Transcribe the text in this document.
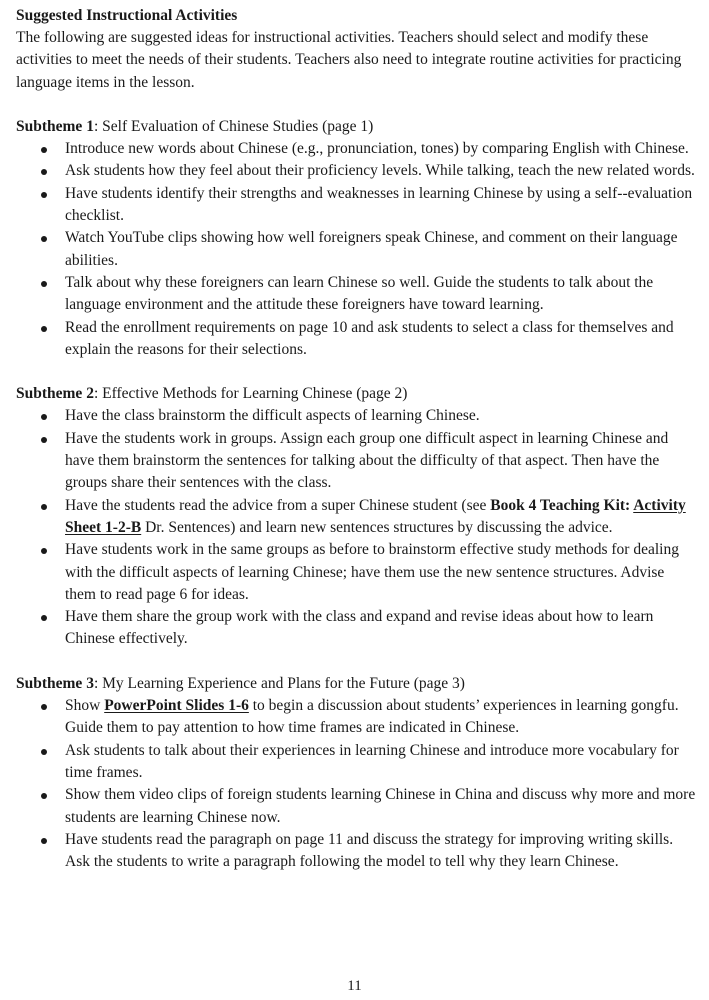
Suggested Instructional Activities
The following are suggested ideas for instructional activities. Teachers should select and modify these activities to meet the needs of their students. Teachers also need to integrate routine activities for practicing language items in the lesson.
Subtheme 1: Self Evaluation of Chinese Studies (page 1)
Introduce new words about Chinese (e.g., pronunciation, tones) by comparing English with Chinese.
Ask students how they feel about their proficiency levels. While talking, teach the new related words.
Have students identify their strengths and weaknesses in learning Chinese by using a self--evaluation checklist.
Watch YouTube clips showing how well foreigners speak Chinese, and comment on their language abilities.
Talk about why these foreigners can learn Chinese so well. Guide the students to talk about the language environment and the attitude these foreigners have toward learning.
Read the enrollment requirements on page 10 and ask students to select a class for themselves and explain the reasons for their selections.
Subtheme 2: Effective Methods for Learning Chinese (page 2)
Have the class brainstorm the difficult aspects of learning Chinese.
Have the students work in groups. Assign each group one difficult aspect in learning Chinese and have them brainstorm the sentences for talking about the difficulty of that aspect. Then have the groups share their sentences with the class.
Have the students read the advice from a super Chinese student (see Book 4 Teaching Kit: Activity Sheet 1-2-B Dr. Sentences) and learn new sentences structures by discussing the advice.
Have students work in the same groups as before to brainstorm effective study methods for dealing with the difficult aspects of learning Chinese; have them use the new sentence structures. Advise them to read page 6 for ideas.
Have them share the group work with the class and expand and revise ideas about how to learn Chinese effectively.
Subtheme 3: My Learning Experience and Plans for the Future (page 3)
Show PowerPoint Slides 1-6 to begin a discussion about students’ experiences in learning gongfu. Guide them to pay attention to how time frames are indicated in Chinese.
Ask students to talk about their experiences in learning Chinese and introduce more vocabulary for time frames.
Show them video clips of foreign students learning Chinese in China and discuss why more and more students are learning Chinese now.
Have students read the paragraph on page 11 and discuss the strategy for improving writing skills. Ask the students to write a paragraph following the model to tell why they learn Chinese.
11
